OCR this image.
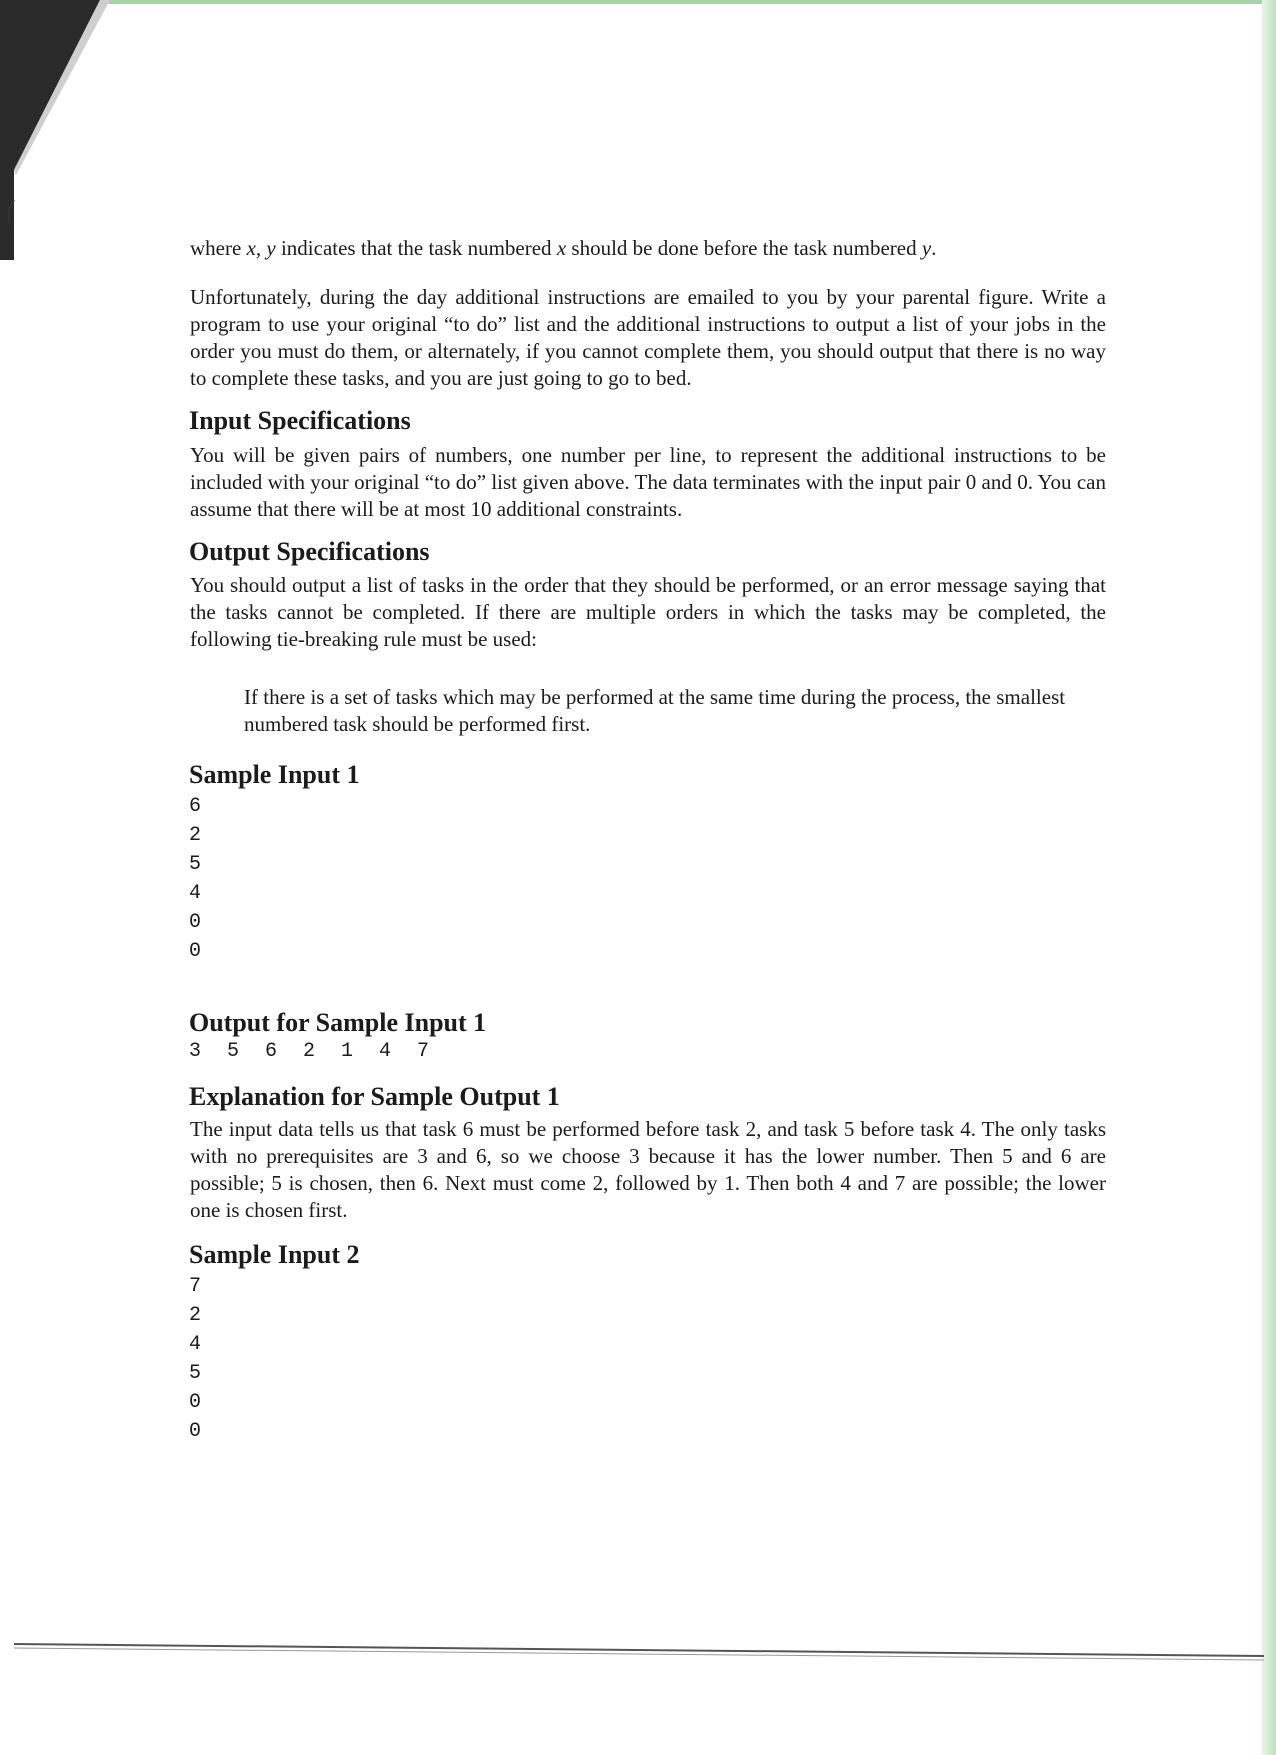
where x, y indicates that the task numbered x should be done before the task numbered y.

Unfortunately, during the day additional instructions are emailed to you by your parental figure. Write a program to use your original “to do” list and the additional instructions to output a list of your jobs in the order you must do them, or alternately, if you cannot complete them, you should output that there is no way to complete these tasks, and you are just going to go to bed.

Input Specifications

You will be given pairs of numbers, one number per line, to represent the additional instructions to be included with your original “to do” list given above. The data terminates with the input pair 0 and 0. You can assume that there will be at most 10 additional constraints.

Output Specifications

You should output a list of tasks in the order that they should be performed, or an error message saying that the tasks cannot be completed. If there are multiple orders in which the tasks may be completed, the following tie-breaking rule must be used:

If there is a set of tasks which may be performed at the same time during the process, the smallest numbered task should be performed first.

Sample Input 1
6
2
5
4
0
0
Output for Sample Input 1

3 5 6 2 1 4 7

Explanation for Sample Output 1

The input data tells us that task 6 must be performed before task 2, and task 5 before task 4. The only tasks with no prerequisites are 3 and 6, so we choose 3 because it has the lower number. Then 5 and 6 are possible; 5 is chosen, then 6. Next must come 2, followed by 1. Then both 4 and 7 are possible; the lower one is chosen first.

Sample Input 2
7
2
4
5
0
0
